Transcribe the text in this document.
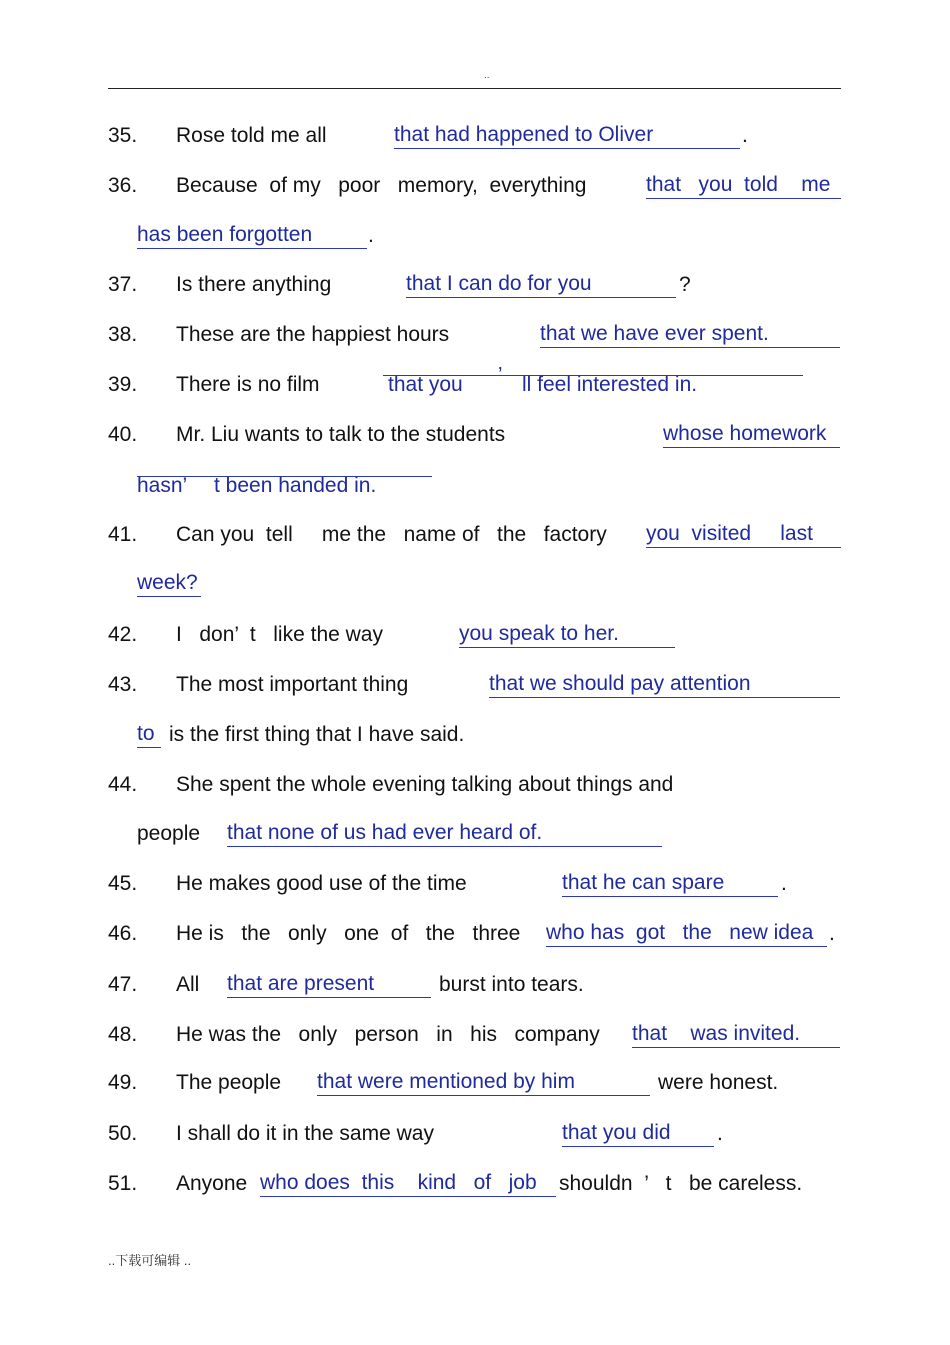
..
35. Rose told me all	that had happened to Oliver	.
36. Because  of my   poor   memory,  everything	that   you  told    me
has been forgotten	.
37. Is there anything	that I can do for you	?
38. These are the happiest hours	that we have ever spent.
39. There is no film	that you ’ ll feel interested in.
40. Mr. Liu wants to talk to the students	whose homework
hasn’ t been handed in.
41. Can you  tell     me the   name of   the   factory you  visited     last
week?
42. I   don’  t   like the way	you speak to her.
43. The most important thing	that we should pay attention
to is the first thing that I have said.
44. She spent the whole evening talking about things and
people that none of us had ever heard of.
45. He makes good use of the time	that he can spare	.
46. He is   the   only   one  of   the   three who has  got   the   new idea .
47. All that are present	burst into tears.
48. He was the   only   person   in   his   company that    was invited.
49. The people that were mentioned by him	were honest.
50. I shall do it in the same way	that you did	.
51. Anyone who does  this    kind   of   job	shouldn  ’   t   be careless.
..下载可编辑 ..
